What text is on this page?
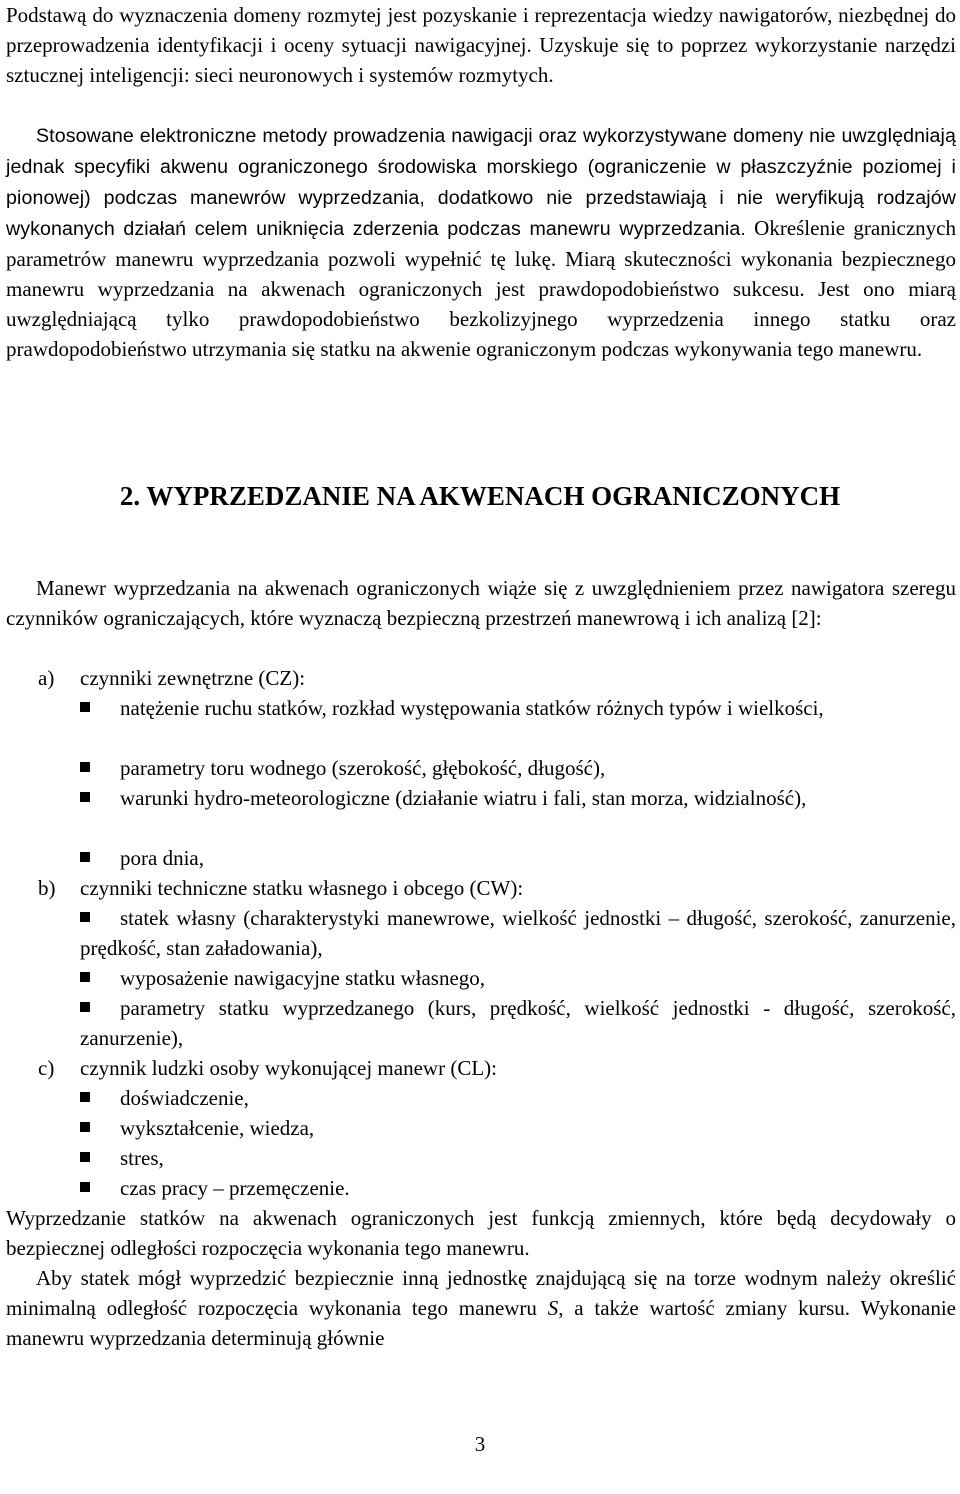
Podstawą do wyznaczenia domeny rozmytej jest pozyskanie i reprezentacja wiedzy nawigatorów, niezbędnej do przeprowadzenia identyfikacji i oceny sytuacji nawigacyjnej. Uzyskuje się to poprzez wykorzystanie narzędzi sztucznej inteligencji: sieci neuronowych i systemów rozmytych.

Stosowane elektroniczne metody prowadzenia nawigacji oraz wykorzystywane domeny nie uwzględniają jednak specyfiki akwenu ograniczonego środowiska morskiego (ograniczenie w płaszczyźnie poziomej i pionowej) podczas manewrów wyprzedzania, dodatkowo nie przedstawiają i nie weryfikują rodzajów wykonanych działań celem uniknięcia zderzenia podczas manewru wyprzedzania. Określenie granicznych parametrów manewru wyprzedzania pozwoli wypełnić tę lukę. Miarą skuteczności wykonania bezpiecznego manewru wyprzedzania na akwenach ograniczonych jest prawdopodobieństwo sukcesu. Jest ono miarą uwzględniającą tylko prawdopodobieństwo bezkolizyjnego wyprzedzenia innego statku oraz prawdopodobieństwo utrzymania się statku na akwenie ograniczonym podczas wykonywania tego manewru.

2. WYPRZEDZANIE NA AKWENACH OGRANICZONYCH

Manewr wyprzedzania na akwenach ograniczonych wiąże się z uwzględnieniem przez nawigatora szeregu czynników ograniczających, które wyznaczą bezpieczną przestrzeń manewrową i ich analizą [2]:

a) czynniki zewnętrzne (CZ):
natężenie ruchu statków, rozkład występowania statków różnych typów i wielkości,
parametry toru wodnego (szerokość, głębokość, długość),
warunki hydro-meteorologiczne (działanie wiatru i fali, stan morza, widzialność),
pora dnia,
b) czynniki techniczne statku własnego i obcego (CW):
statek własny (charakterystyki manewrowe, wielkość jednostki – długość, szerokość, zanurzenie, prędkość, stan załadowania),
wyposażenie nawigacyjne statku własnego,
parametry statku wyprzedzanego (kurs, prędkość, wielkość jednostki - długość, szerokość, zanurzenie),
c) czynnik ludzki osoby wykonującej manewr (CL):
doświadczenie,
wykształcenie, wiedza,
stres,
czas pracy – przemęczenie.

Wyprzedzanie statków na akwenach ograniczonych jest funkcją zmiennych, które będą decydowały o bezpiecznej odległości rozpoczęcia wykonania tego manewru.

Aby statek mógł wyprzedzić bezpiecznie inną jednostkę znajdującą się na torze wodnym należy określić minimalną odległość rozpoczęcia wykonania tego manewru S, a także wartość zmiany kursu. Wykonanie manewru wyprzedzania determinują głównie

3
